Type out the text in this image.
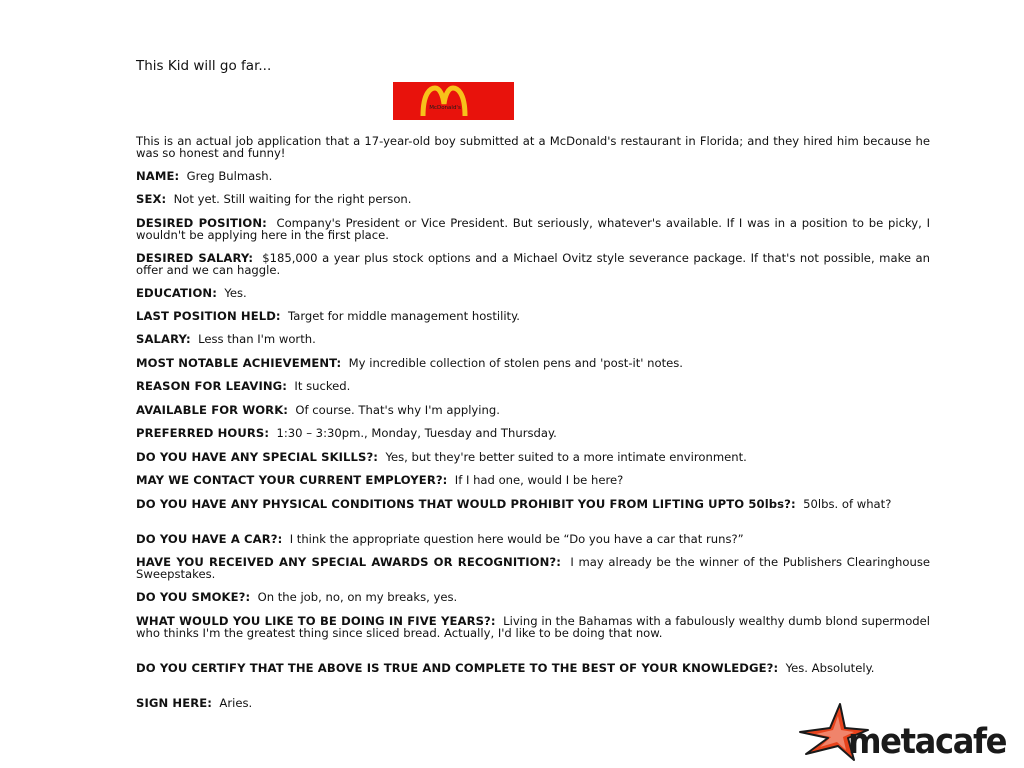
This Kid will go far...
McDonald's
This is an actual job application that a 17-year-old boy submitted at a McDonald's restaurant in Florida; and they hired him because he was so honest and funny!

NAME: Greg Bulmash.

SEX: Not yet. Still waiting for the right person.

DESIRED POSITION: Company's President or Vice President. But seriously, whatever's available. If I was in a position to be picky, I wouldn't be applying here in the first place.

DESIRED SALARY: $185,000 a year plus stock options and a Michael Ovitz style severance package. If that's not possible, make an offer and we can haggle.

EDUCATION: Yes.

LAST POSITION HELD: Target for middle management hostility.

SALARY: Less than I'm worth.

MOST NOTABLE ACHIEVEMENT: My incredible collection of stolen pens and 'post-it' notes.

REASON FOR LEAVING: It sucked.

AVAILABLE FOR WORK: Of course. That's why I'm applying.

PREFERRED HOURS: 1:30 – 3:30pm., Monday, Tuesday and Thursday.

DO YOU HAVE ANY SPECIAL SKILLS?: Yes, but they're better suited to a more intimate environment.

MAY WE CONTACT YOUR CURRENT EMPLOYER?: If I had one, would I be here?

DO YOU HAVE ANY PHYSICAL CONDITIONS THAT WOULD PROHIBIT YOU FROM LIFTING UPTO 50lbs?: 50lbs. of what?

DO YOU HAVE A CAR?: I think the appropriate question here would be “Do you have a car that runs?”

HAVE YOU RECEIVED ANY SPECIAL AWARDS OR RECOGNITION?: I may already be the winner of the Publishers Clearinghouse Sweepstakes.

DO YOU SMOKE?: On the job, no, on my breaks, yes.

WHAT WOULD YOU LIKE TO BE DOING IN FIVE YEARS?: Living in the Bahamas with a fabulously wealthy dumb blond supermodel who thinks I'm the greatest thing since sliced bread. Actually, I'd like to be doing that now.

DO YOU CERTIFY THAT THE ABOVE IS TRUE AND COMPLETE TO THE BEST OF YOUR KNOWLEDGE?: Yes. Absolutely.

SIGN HERE: Aries.

metacafe
